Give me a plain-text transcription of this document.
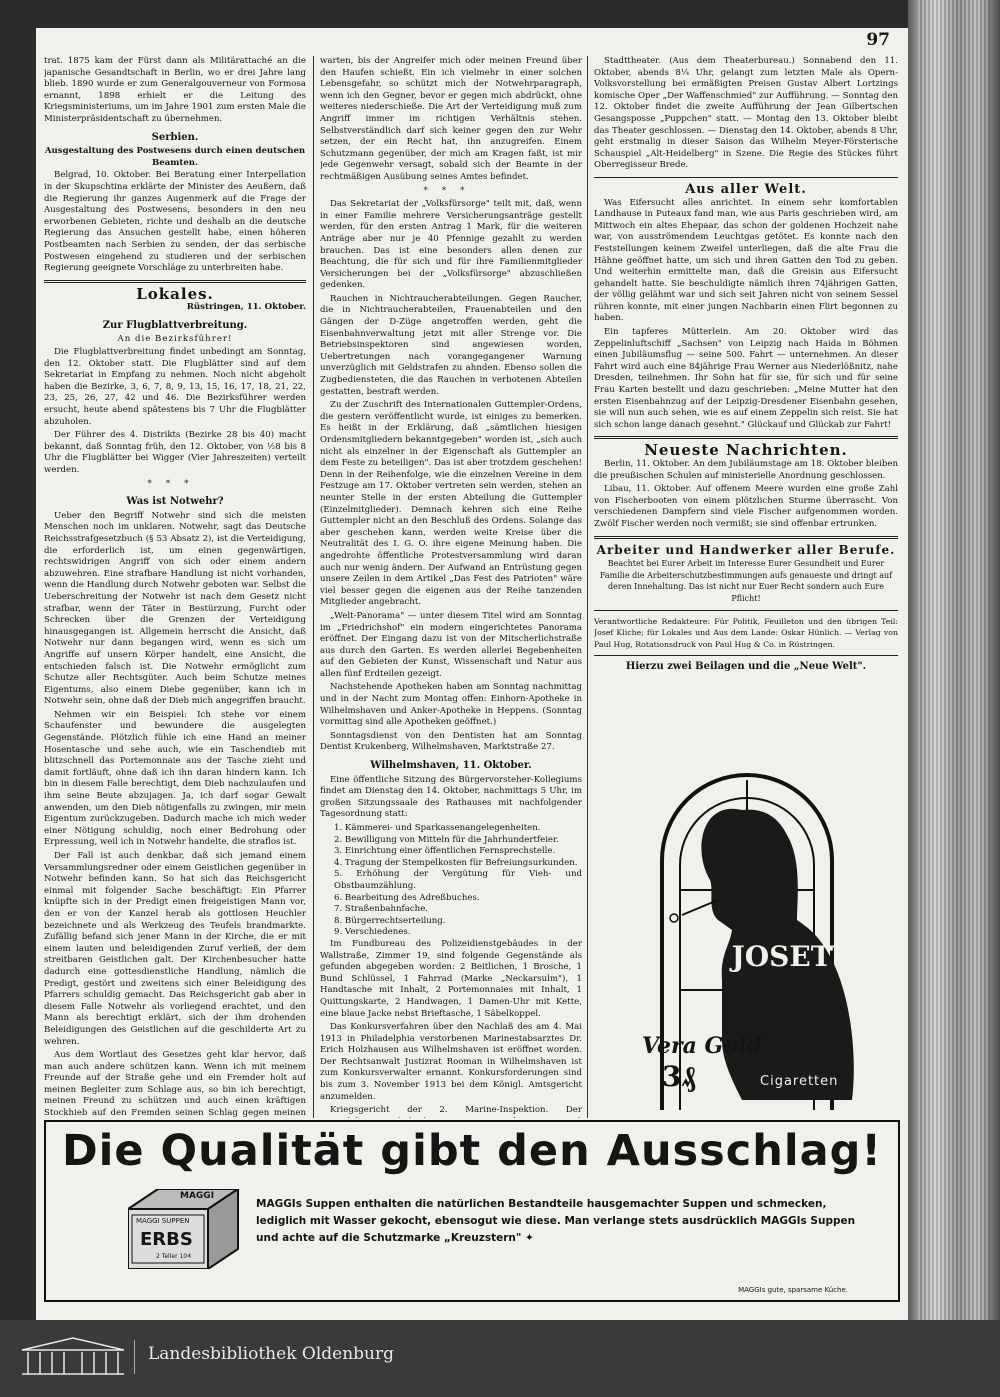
97

trat. 1875 kam der Fürst dann als Militärattaché an die japanische Gesandtschaft in Berlin, wo er drei Jahre lang blieb. 1890 wurde er zum Generalgouverneur von Formosa ernannt, 1898 erhielt er die Leitung des Kriegsministeriums, um im Jahre 1901 zum ersten Male die Ministerpräsidentschaft zu übernehmen.

Serbien.
Ausgestaltung des Postwesens durch einen deutschen Beamten.

Belgrad, 10. Oktober. Bei Beratung einer Interpellation in der Skupschtina erklärte der Minister des Aeußern, daß die Regierung ihr ganzes Augenmerk auf die Frage der Ausgestaltung des Postwesens, besonders in den neu erworbenen Gebieten, richte und deshalb an die deutsche Regierung das Ansuchen gestellt habe, einen höheren Postbeamten nach Serbien zu senden, der das serbische Postwesen eingehend zu studieren und der serbischen Regierung geeignete Vorschläge zu unterbreiten habe.

Lokales.
Rüstringen, 11. Oktober.
Zur Flugblattverbreitung.
An die Bezirksführer!

Die Flugblattverbreitung findet unbedingt am Sonntag, den 12. Oktober statt. Die Flugblätter sind auf dem Sekretariat in Empfang zu nehmen. Noch nicht abgeholt haben die Bezirke, 3, 6, 7, 8, 9, 13, 15, 16, 17, 18, 21, 22, 23, 25, 26, 27, 42 und 46. Die Bezirksführer werden ersucht, heute abend spätestens bis 7 Uhr die Flugblätter abzuholen.

Der Führer des 4. Distrikts (Bezirke 28 bis 40) macht bekannt, daß Sonntag früh, den 12. Oktober, von ½8 bis 8 Uhr die Flugblätter bei Wigger (Vier Jahreszeiten) verteilt werden.

***
Was ist Notwehr?

Ueber den Begriff Notwehr sind sich die meisten Menschen noch im unklaren. Notwehr, sagt das Deutsche Reichsstrafgesetzbuch (§ 53 Absatz 2), ist die Verteidigung, die erforderlich ist, um einen gegenwärtigen, rechtswidrigen Angriff von sich oder einem andern abzuwehren. Eine strafbare Handlung ist nicht vorhanden, wenn die Handlung durch Notwehr geboten war. Selbst die Ueberschreitung der Notwehr ist nach dem Gesetz nicht strafbar, wenn der Täter in Bestürzung, Furcht oder Schrecken über die Grenzen der Verteidigung hinausgegangen ist. Allgemein herrscht die Ansicht, daß Notwehr nur dann begangen wird, wenn es sich um Angriffe auf unsern Körper handelt, eine Ansicht, die entschieden falsch ist. Die Notwehr ermöglicht zum Schutze aller Rechtsgüter. Auch beim Schutze meines Eigentums, also einem Diebe gegenüber, kann ich in Notwehr sein, ohne daß der Dieb mich angegriffen braucht.

Nehmen wir ein Beispiel: Ich stehe vor einem Schaufenster und bewundere die ausgelegten Gegenstände. Plötzlich fühle ich eine Hand an meiner Hosentasche und sehe auch, wie ein Taschendieb mit blitzschnell das Portemonnaie aus der Tasche zieht und damit fortläuft, ohne daß ich ihn daran hindern kann. Ich bin in diesem Falle berechtigt, dem Dieb nachzulaufen und ihm seine Beute abzujagen. Ja, ich darf sogar Gewalt anwenden, um den Dieb nötigenfalls zu zwingen, mir mein Eigentum zurückzugeben. Dadurch mache ich mich weder einer Nötigung schuldig, noch einer Bedrohung oder Erpressung, weil ich in Notwehr handelte, die straflos ist.

Der Fall ist auch denkbar, daß sich jemand einem Versammlungsredner oder einem Geistlichen gegenüber in Notwehr befinden kann. So hat sich das Reichsgericht einmal mit folgender Sache beschäftigt: Ein Pfarrer knüpfte sich in der Predigt einen freigeistigen Mann vor, den er von der Kanzel herab als gottlosen Heuchler bezeichnete und als Werkzeug des Teufels brandmarkte. Zufällig befand sich jener Mann in der Kirche, die er mit einem lauten und beleidigenden Zuruf verließ, der dem streitbaren Geistlichen galt. Der Kirchenbesucher hatte dadurch eine gottesdienstliche Handlung, nämlich die Predigt, gestört und zweitens sich einer Beleidigung des Pfarrers schuldig gemacht. Das Reichsgericht gab aber in diesem Falle Notwehr als vorliegend erachtet, und den Mann als berechtigt erklärt, sich der ihm drohenden Beleidigungen des Geistlichen auf die geschilderte Art zu wehren.

Aus dem Wortlaut des Gesetzes geht klar hervor, daß man auch andere schützen kann. Wenn ich mit meinem Freunde auf der Straße gehe und ein Fremder holt auf meinen Begleiter zum Schlage aus, so bin ich berechtigt, meinen Freund zu schützen und auch einen kräftigen Stockhieb auf den Fremden seinen Schlag gegen meinen

warten, bis der Angreifer mich oder meinen Freund über den Haufen schießt. Ein ich vielmehr in einer solchen Lebensgefahr, so schützt mich der Notwehrparagraph, wenn ich den Gegner, bevor er gegen mich abdrückt, ohne weiteres niederschieße. Die Art der Verteidigung muß zum Angriff immer im richtigen Verhältnis stehen. Selbstverständlich darf sich keiner gegen den zur Wehr setzen, der ein Recht hat, ihn anzugreifen. Einem Schutzmann gegenüber, der mich am Kragen faßt, ist mir jede Gegenwehr versagt, sobald sich der Beamte in der rechtmäßigen Ausübung seines Amtes befindet.

***

Das Sekretariat der „Volksfürsorge" teilt mit, daß, wenn in einer Familie mehrere Versicherungsanträge gestellt werden, für den ersten Antrag 1 Mark, für die weiteren Anträge aber nur je 40 Pfennige gezahlt zu werden brauchen. Das ist eine besonders allen denen zur Beachtung, die für sich und für ihre Familienmitglieder Versicherungen bei der „Volksfürsorge" abzuschließen gedenken.

Rauchen in Nichtraucherabteilungen. Gegen Raucher, die in Nichtraucherabteilen, Frauenabteilen und den Gängen der D-Züge angetroffen werden, geht die Eisenbahnverwaltung jetzt mit aller Strenge vor. Die Betriebsinspektoren sind angewiesen worden, Uebertretungen nach vorangegangener Warnung unverzüglich mit Geldstrafen zu ahnden. Ebenso sollen die Zugbediensteten, die das Rauchen in verbotenen Abteilen gestatten, bestraft werden.

Zu der Zuschrift des Internationalen Guttempler-Ordens, die gestern veröffentlicht wurde, ist einiges zu bemerken. Es heißt in der Erklärung, daß „sämtlichen hiesigen Ordensmitgliedern bekanntgegeben" worden ist, „sich auch nicht als einzelner in der Eigenschaft als Guttempler an dem Feste zu beteiligen". Das ist aber trotzdem geschehen! Denn in der Reihenfolge, wie die einzelnen Vereine in dem Festzuge am 17. Oktober vertreten sein werden, stehen an neunter Stelle in der ersten Abteilung die Guttempler (Einzelmitglieder). Demnach kehren sich eine Reihe Guttempler nicht an den Beschluß des Ordens. Solange das aber geschehen kann, werden weite Kreise über die Neutralität des I. G. O. ihre eigene Meinung haben. Die angedrohte öffentliche Protestversammlung wird daran auch nur wenig ändern. Der Aufwand an Entrüstung gegen unsere Zeilen in dem Artikel „Das Fest des Patrioten" wäre viel besser gegen die eigenen aus der Reihe tanzenden Mitglieder angebracht.

„Welt-Panorama" — unter diesem Titel wird am Sonntag im „Friedrichshof" ein modern eingerichtetes Panorama eröffnet. Der Eingang dazu ist von der Mitscherlichstraße aus durch den Garten. Es werden allerlei Begebenheiten auf den Gebieten der Kunst, Wissenschaft und Natur aus allen fünf Erdteilen gezeigt.

Nachstehende Apotheken haben am Sonntag nachmittag und in der Nacht zum Montag offen: Einhorn-Apotheke in Wilhelmshaven und Anker-Apotheke in Heppens. (Sonntag vormittag sind alle Apotheken geöffnet.)

Sonntagsdienst von den Dentisten hat am Sonntag Dentist Krukenberg, Wilhelmshaven, Marktstraße 27.

Wilhelmshaven, 11. Oktober.

Eine öffentliche Sitzung des Bürgervorsteher-Kollegiums findet am Dienstag den 14. Oktober, nachmittags 5 Uhr, im großen Sitzungssaale des Rathauses mit nachfolgender Tagesordnung statt:

1. Kämmerei- und Sparkassenangelegenheiten.
2. Bewilligung von Mitteln für die Jahrhundertfeier.
3. Einrichtung einer öffentlichen Fernsprechstelle.
4. Tragung der Stempelkosten für Befreiungsurkunden.
5. Erhöhung der Vergütung für Vieh- und Obstbaumzählung.
6. Bearbeitung des Adreßbuches.
7. Straßenbahnfache.
8. Bürgerrechtserteilung.
9. Verschiedenes.

Im Fundbureau des Polizeidienstgebäudes in der Wallstraße, Zimmer 19, sind folgende Gegenstände als gefunden abgegeben worden: 2 Beitlichen, 1 Brosche, 1 Bund Schlüssel, 1 Fahrrad (Marke „Neckarsulm"), 1 Handtasche mit Inhalt, 2 Portemonnaies mit Inhalt, 1 Quittungskarte, 2 Handwagen, 1 Damen-Uhr mit Kette, eine blaue Jacke nebst Brieftasche, 1 Säbelkoppel.

Das Konkursverfahren über den Nachlaß des am 4. Mai 1913 in Philadelphia verstorbenen Marinestabsarztes Dr. Erich Holzhausen aus Wilhelmshaven ist eröffnet worden. Der Rechtsanwalt Justizrat Rooman in Wilhelmshaven ist zum Konkursverwalter ernannt. Konkursforderungen sind bis zum 3. November 1913 bei dem Königl. Amtsgericht anzumelden.

Kriegsgericht der 2. Marine-Inspektion. Der

Stadttheater. (Aus dem Theaterbureau.) Sonnabend den 11. Oktober, abends 8¼ Uhr, gelangt zum letzten Male als Opern-Volksvorstellung bei ermäßigten Preisen Gustav Albert Lortzings komische Oper „Der Waffenschmied" zur Aufführung. — Sonntag den 12. Oktober findet die zweite Aufführung der Jean Gilbertschen Gesangsposse „Puppchen" statt. — Montag den 13. Oktober bleibt das Theater geschlossen. — Dienstag den 14. Oktober, abends 8 Uhr, geht erstmalig in dieser Saison das Wilhelm Meyer-Försterische Schauspiel „Alt-Heidelberg" in Szene. Die Regie des Stückes führt Oberregisseur Brede.

Aus aller Welt.

Was Eifersucht alles anrichtet. In einem sehr komfortablen Landhause in Puteaux fand man, wie aus Paris geschrieben wird, am Mittwoch ein altes Ehepaar, das schon der goldenen Hochzeit nahe war, von ausströmendem Leuchtgas getötet. Es konnte nach den Feststellungen keinem Zweifel unterliegen, daß die alte Frau die Hähne geöffnet hatte, um sich und ihren Gatten den Tod zu geben. Und weiterhin ermittelte man, daß die Greisin aus Eifersucht gehandelt hatte. Sie beschuldigte nämlich ihren 74jährigen Gatten, der völlig gelähmt war und sich seit Jahren nicht von seinem Sessel rühren konnte, mit einer jungen Nachbarin einen Flirt begonnen zu haben.

Ein tapferes Mütterlein. Am 20. Oktober wird das Zeppelinluftschiff „Sachsen" von Leipzig nach Haida in Böhmen einen Jubiläumsflug — seine 500. Fahrt — unternehmen. An dieser Fahrt wird auch eine 84jährige Frau Werner aus Niederlößnitz, nahe Dresden, teilnehmen. Ihr Sohn hat für sie, für sich und für seine Frau Karten bestellt und dazu geschrieben: „Meine Mutter hat den ersten Eisenbahnzug auf der Leipzig-Dresdener Eisenbahn gesehen, sie will nun auch sehen, wie es auf einem Zeppelin sich reist. Sie hat sich schon lange danach gesehnt." Glückauf und Glückab zur Fahrt!

Neueste Nachrichten.

Berlin, 11. Oktober. An dem Jubiläumstage am 18. Oktober bleiben die preußischen Schulen auf ministerielle Anordnung geschlossen.

Libau, 11. Oktober. Auf offenem Meere wurden eine große Zahl von Fischerbooten von einem plötzlichen Sturme überrascht. Von verschiedenen Dampfern sind viele Fischer aufgenommen worden. Zwölf Fischer werden noch vermißt; sie sind offenbar ertrunken.

Arbeiter und Handwerker aller Berufe.

Beachtet bei Eurer Arbeit im Interesse Eurer Gesundheit und Eurer Familie die Arbeiterschutzbestimmungen aufs genaueste und dringt auf deren Innehaltung. Das ist nicht nur Euer Recht sondern auch Eure Pflicht!

Verantwortliche Redakteure: Für Politik, Feuilleton und den übrigen Teil: Josef Kliche; für Lokales und Aus dem Lande: Oskar Hünlich. — Verlag von Paul Hug, Rotationsdruck von Paul Hug & Co. in Rüstringen.

Hierzu zwei Beilagen und die „Neue Welt".
JOSETTI
Vera Gold
3₰	Cigaretten
Die Qualität gibt den Ausschlag!
MAGGI
MAGGI SUPPEN
ERBS
2 Teller 10₰
MAGGIs Suppen enthalten die natürlichen Bestandteile hausgemachter Suppen und schmecken, lediglich mit Wasser gekocht, ebensogut wie diese. Man verlange stets ausdrücklich MAGGIs Suppen und achte auf die Schutzmarke „Kreuzstern" ✦
MAGGIs gute, sparsame Küche.
Landesbibliothek Oldenburg
